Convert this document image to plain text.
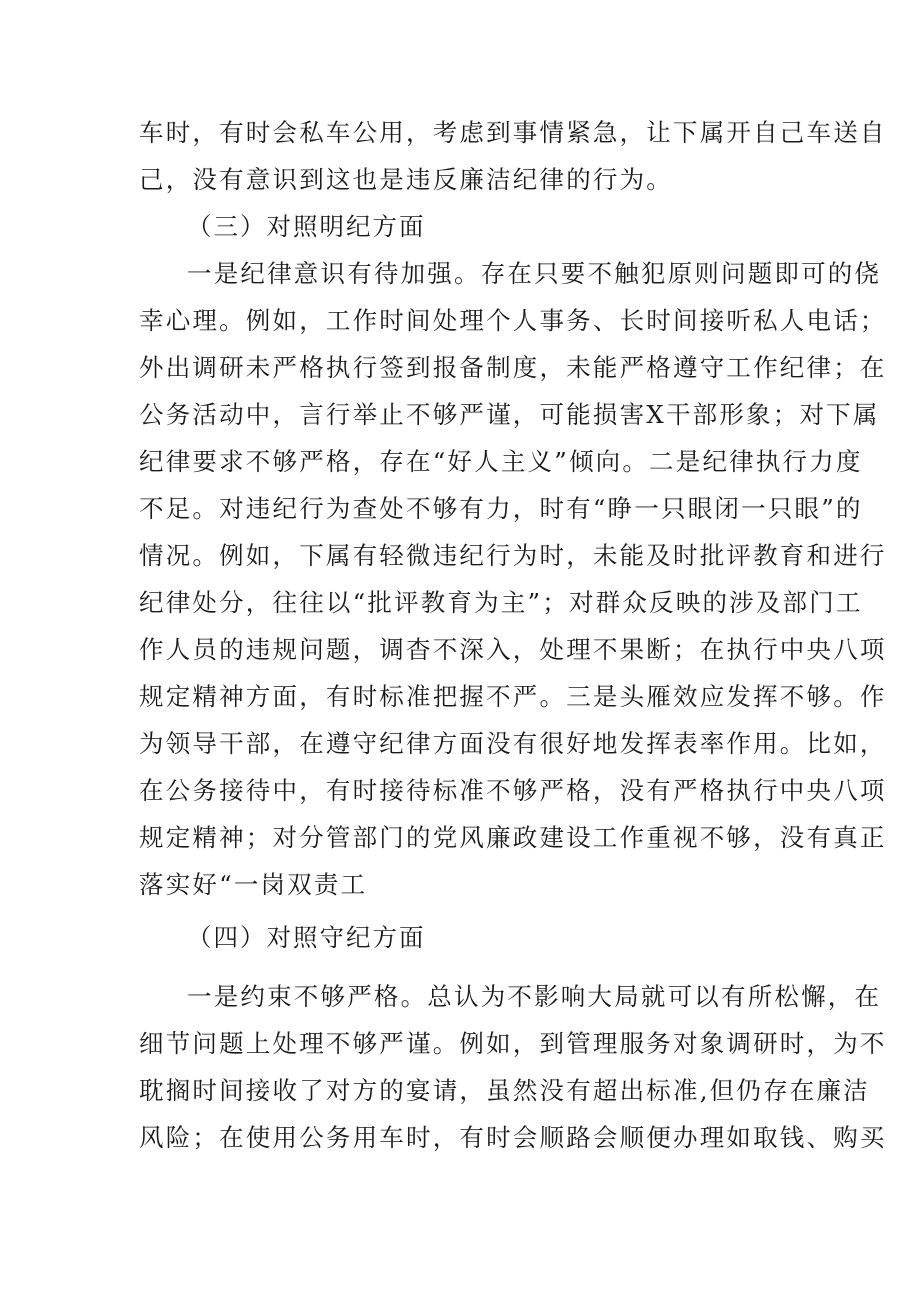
车时，有时会私车公用，考虑到事情紧急，让下属开自己车送自
己，没有意识到这也是违反廉洁纪律的行为。
（三）对照明纪方面
一是纪律意识有待加强。存在只要不触犯原则问题即可的侥
幸心理。例如，工作时间处理个人事务、长时间接听私人电话；
外出调研未严格执行签到报备制度，未能严格遵守工作纪律；在
公务活动中，言行举止不够严谨，可能损害X干部形象；对下属
纪律要求不够严格，存在“好人主义”倾向。二是纪律执行力度
不足。对违纪行为查处不够有力，时有“睁一只眼闭一只眼”的
情况。例如，下属有轻微违纪行为时，未能及时批评教育和进行
纪律处分，往往以“批评教育为主”；对群众反映的涉及部门工
作人员的违规问题，调杳不深入，处理不果断；在执行中央八项
规定精神方面，有时标准把握不严。三是头雁效应发挥不够。作
为领导干部，在遵守纪律方面没有很好地发挥表率作用。比如，
在公务接待中，有时接待标准不够严格，没有严格执行中央八项
规定精神；对分管部门的党风廉政建设工作重视不够，没有真正
落实好“一岗双责工
（四）对照守纪方面
一是约束不够严格。总认为不影响大局就可以有所松懈，在
细节问题上处理不够严谨。例如，到管理服务对象调研时，为不
耽搁时间接收了对方的宴请，虽然没有超出标准,但仍存在廉洁
风险；在使用公务用车时，有时会顺路会顺便办理如取钱、购买
